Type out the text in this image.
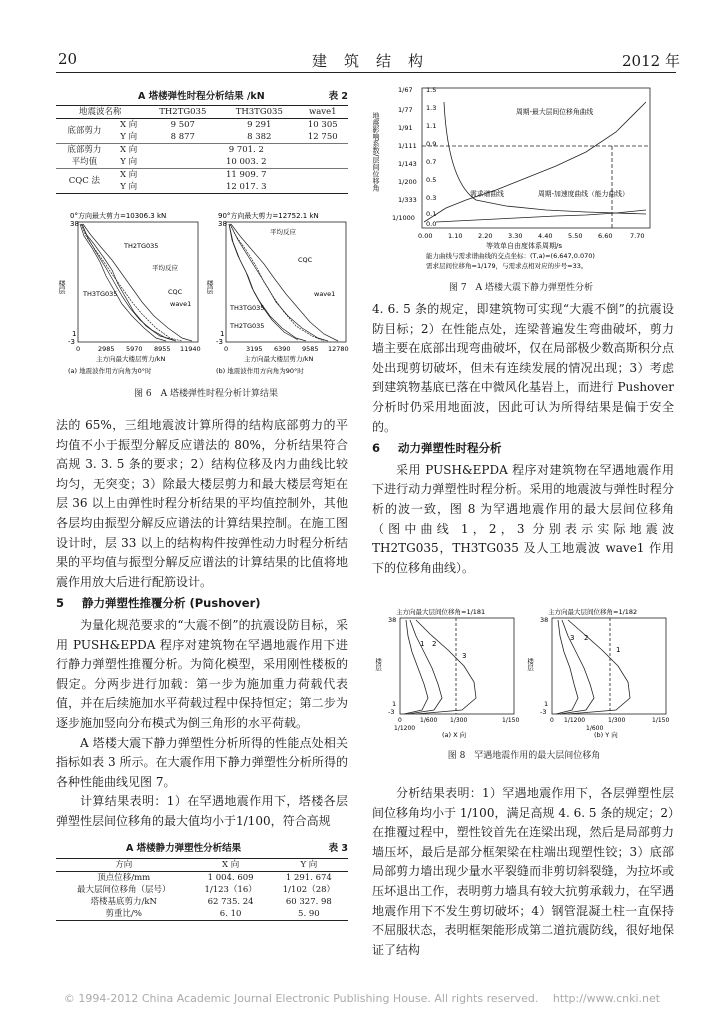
20	建　筑　结　构	2012 年
A 塔楼弹性时程分析结果 /kN	表 2
地震波名称		TH2TG035	TH3TG035	wave1
底部剪力	X 向	9 507	9 291	10 305
	Y 向	8 877	8 382	12 750
底部剪力	X 向	9 701. 2		
平均值	Y 向	10 003. 2		
CQC 法	X 向	11 909. 7		
	Y 向	12 017. 3		
0°方向最大剪力=10306.3 kN
38
1
-3
楼层
TH2TG035
平均反应
TH3TG035	CQC
wave1
0	2985 5970 8955 11940
主方向最大楼层剪力/kN
(a) 地震波作用方向角为0°时
90°方向最大剪力=12752.1 kN
38
1
-3
楼层
平均反应
CQC
wave1
TH3TG035
TH2TG035
0	3195 6390 9585 12780
主方向最大楼层剪力/kN
(b) 地震波作用方向角为90°时
图 6　A 塔楼弹性时程分析计算结果

法的 65%，三组地震波计算所得的结构底部剪力的平均值不小于振型分解反应谱法的 80%，分析结果符合高规 3. 3. 5 条的要求；2）结构位移及内力曲线比较均匀，无突变；3）除最大楼层剪力和最大楼层弯矩在层 36 以上由弹性时程分析结果的平均值控制外，其他各层均由振型分解反应谱法的计算结果控制。在施工图设计时，层 33 以上的结构构件按弹性动力时程分析结果的平均值与振型分解反应谱法的计算结果的比值将地震作用放大后进行配筋设计。

5 静力弹塑性推覆分析 (Pushover)

为量化规范要求的“大震不倒”的抗震设防目标，采用 PUSH&EPDA 程序对建筑物在罕遇地震作用下进行静力弹塑性推覆分析。为简化模型，采用刚性楼板的假定。分两步进行加载：第一步为施加重力荷载代表值，并在后续施加水平荷载过程中保持恒定；第二步为逐步施加竖向分布模式为倒三角形的水平荷载。

A 塔楼大震下静力弹塑性分析所得的性能点处相关指标如表 3 所示。在大震作用下静力弹塑性分析所得的各种性能曲线见图 7。

计算结果表明：1）在罕遇地震作用下，塔楼各层弹塑性层间位移角的最大值均小于1/100，符合高规

A 塔楼静力弹塑性分析结果	表 3
方向	X 向	Y 向
顶点位移/mm	1 004. 609	1 291. 674
最大层间位移角（层号）	1/123（16）	1/102（28）
塔楼基底剪力/kN	62 735. 24	60 327. 98
剪重比/%	6. 10	5. 90
1/67
1/77
1/91
1/111
1/143
1/200
1/333
1/1000
1.5
1.3
1.1
0.9
0.7
0.5
0.3
0.1
0.0
地震影响系数/层间位移角	周期-最大层间位移角曲线
需求谱曲线	周期-加速度曲线（能力曲线）
0.00 1.10 2.20 3.30 4.40 5.50 6.60	7.70
等效单自由度体系周期/s
能力曲线与需求谱曲线的交点坐标：(T,a)=(6.647,0.070)
需求层间位移角=1/179，与需求点相对应的步号=33。
图 7　A 塔楼大震下静力弹塑性分析

4. 6. 5 条的规定，即建筑物可实现“大震不倒”的抗震设防目标；2）在性能点处，连梁普遍发生弯曲破坏，剪力墙主要在底部出现弯曲破坏，仅在局部极少数高斯积分点处出现剪切破坏，但未有连续发展的情况出现；3）考虑到建筑物基底已落在中微风化基岩上，而进行 Pushover 分析时仍采用地面波，因此可认为所得结果是偏于安全的。

6 动力弹塑性时程分析

采用 PUSH&EPDA 程序对建筑物在罕遇地震作用下进行动力弹塑性时程分析。采用的地震波与弹性时程分析的波一致，图 8 为罕遇地震作用的最大层间位移角（图中曲线 1，2，3 分别表示实际地震波 TH2TG035，TH3TG035 及人工地震波 wave1 作用下的位移角曲线）。

主方向最大层间位移角=1/181
38
1
-3
楼层
1 2
3
0
1/1200
1/600 1/300	1/150
(a) X 向
主方向最大层间位移角=1/182
38
1
-3
楼层
3 2
1
0 1/1200
1/600
1/300	1/150
(b) Y 向
图 8　罕遇地震作用的最大层间位移角

分析结果表明：1）罕遇地震作用下，各层弹塑性层间位移角均小于 1/100，满足高规 4. 6. 5 条的规定；2）在推覆过程中，塑性铰首先在连梁出现，然后是局部剪力墙压坏，最后是部分框架梁在柱端出现塑性铰；3）底部局部剪力墙出现少量水平裂缝而非剪切斜裂缝，为拉坏或压坏退出工作，表明剪力墙具有较大抗剪承载力，在罕遇地震作用下不发生剪切破坏；4）钢管混凝土柱一直保持不屈服状态，表明框架能形成第二道抗震防线，很好地保证了结构

© 1994-2012 China Academic Journal Electronic Publishing House. All rights reserved.　 http://www.cnki.net
